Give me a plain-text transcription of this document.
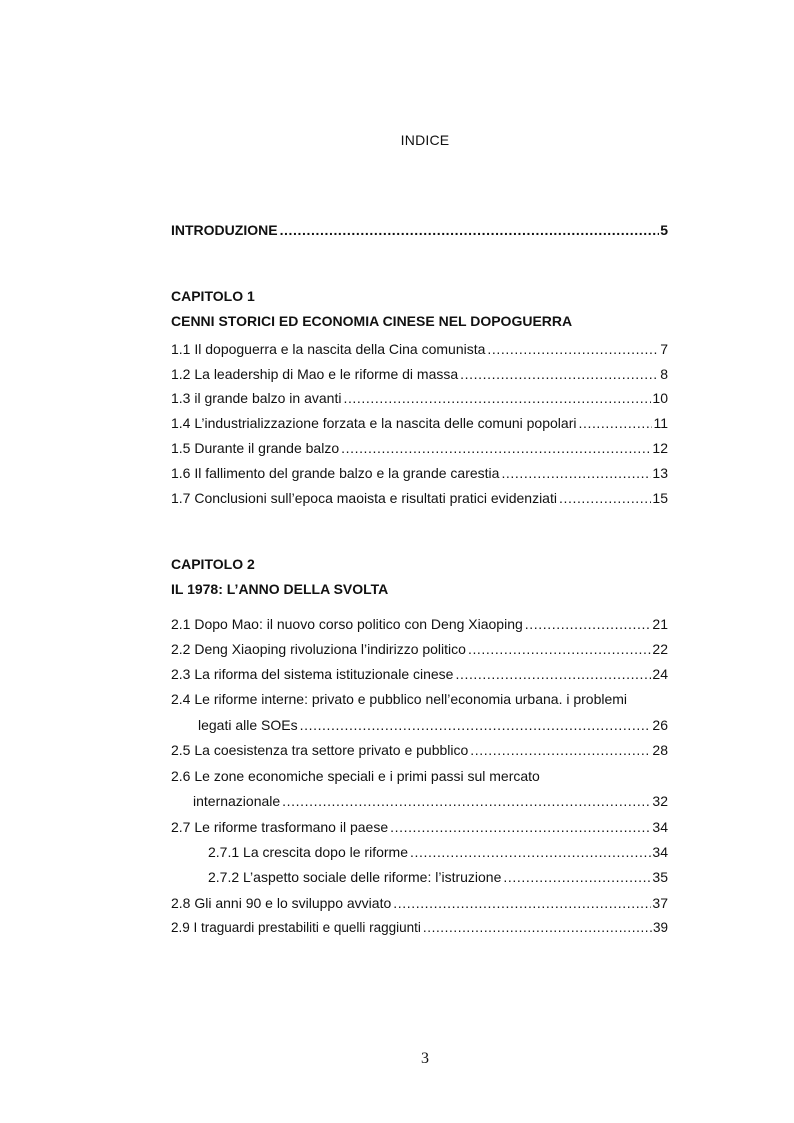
INDICE
INTRODUZIONE .....	5
CAPITOLO 1
CENNI STORICI ED ECONOMIA CINESE NEL DOPOGUERRA
1.1 Il dopoguerra e la nascita della Cina comunista .....	7
1.2 La leadership di Mao e le riforme di massa .....	8
1.3 il grande balzo in avanti .....	10
1.4 L’industrializzazione forzata e la nascita delle comuni popolari .....	11
1.5 Durante il grande balzo .....	12
1.6 Il fallimento del grande balzo e la grande carestia .....	13
1.7 Conclusioni sull’epoca maoista e risultati pratici evidenziati .....	15
CAPITOLO 2
IL 1978: L’ANNO DELLA SVOLTA
2.1 Dopo Mao: il nuovo corso politico con Deng Xiaoping .....	21
2.2 Deng Xiaoping rivoluziona l’indirizzo politico .....	22
2.3 La riforma del sistema istituzionale cinese .....	24
2.4 Le riforme interne: privato e pubblico nell’economia urbana. i problemi
legati alle SOEs .....	26
2.5 La coesistenza tra settore privato e pubblico .....	28
2.6 Le zone economiche speciali e i primi passi sul mercato
internazionale .....	32
2.7 Le riforme trasformano il paese .....	34
2.7.1 La crescita dopo le riforme .....	34
2.7.2 L’aspetto sociale delle riforme: l’istruzione .....	35
2.8 Gli anni 90 e lo sviluppo avviato .....	37
2.9 I traguardi prestabiliti e quelli raggiunti .....	39
3
